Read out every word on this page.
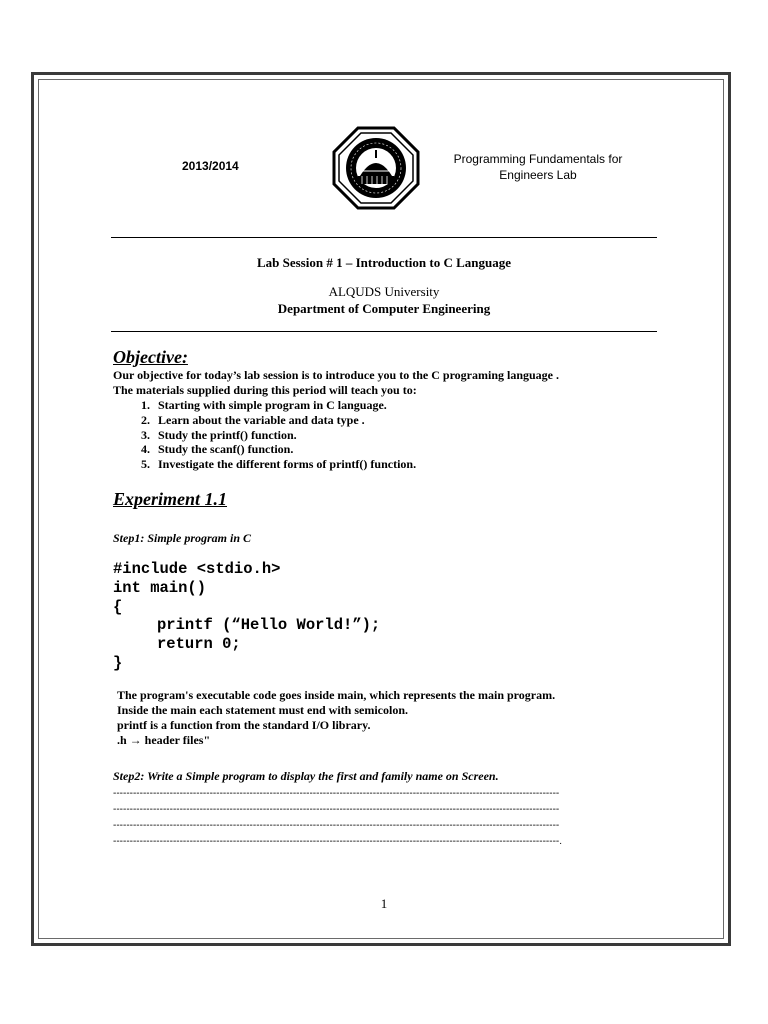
2013/2014	Programming Fundamentals for
Engineers Lab
Lab Session # 1 – Introduction to C Language
ALQUDS University
Department of Computer Engineering
Objective:
Our objective for today’s lab session is to introduce you to the C programing language .
The materials supplied during this period will teach you to:
1. Starting with simple program in C language.
2. Learn about the variable and data type .
3. Study the printf() function.
4. Study the scanf() function.
5. Investigate the different forms of printf() function.
Experiment 1.1
Step1: Simple program in C
#include <stdio.h>
int main()
{
printf (“Hello World!”);
return 0;
}
The program's executable code goes inside main, which represents the main program.
Inside the main each statement must end with semicolon.
printf is a function from the standard I/O library.
.h → header files"
Step2: Write a Simple program to display the first and family name on Screen.
--------------------------------------------------------------------------------------------------------------------------------------
--------------------------------------------------------------------------------------------------------------------------------------
--------------------------------------------------------------------------------------------------------------------------------------
--------------------------------------------------------------------------------------------------------------------------------------.
1
